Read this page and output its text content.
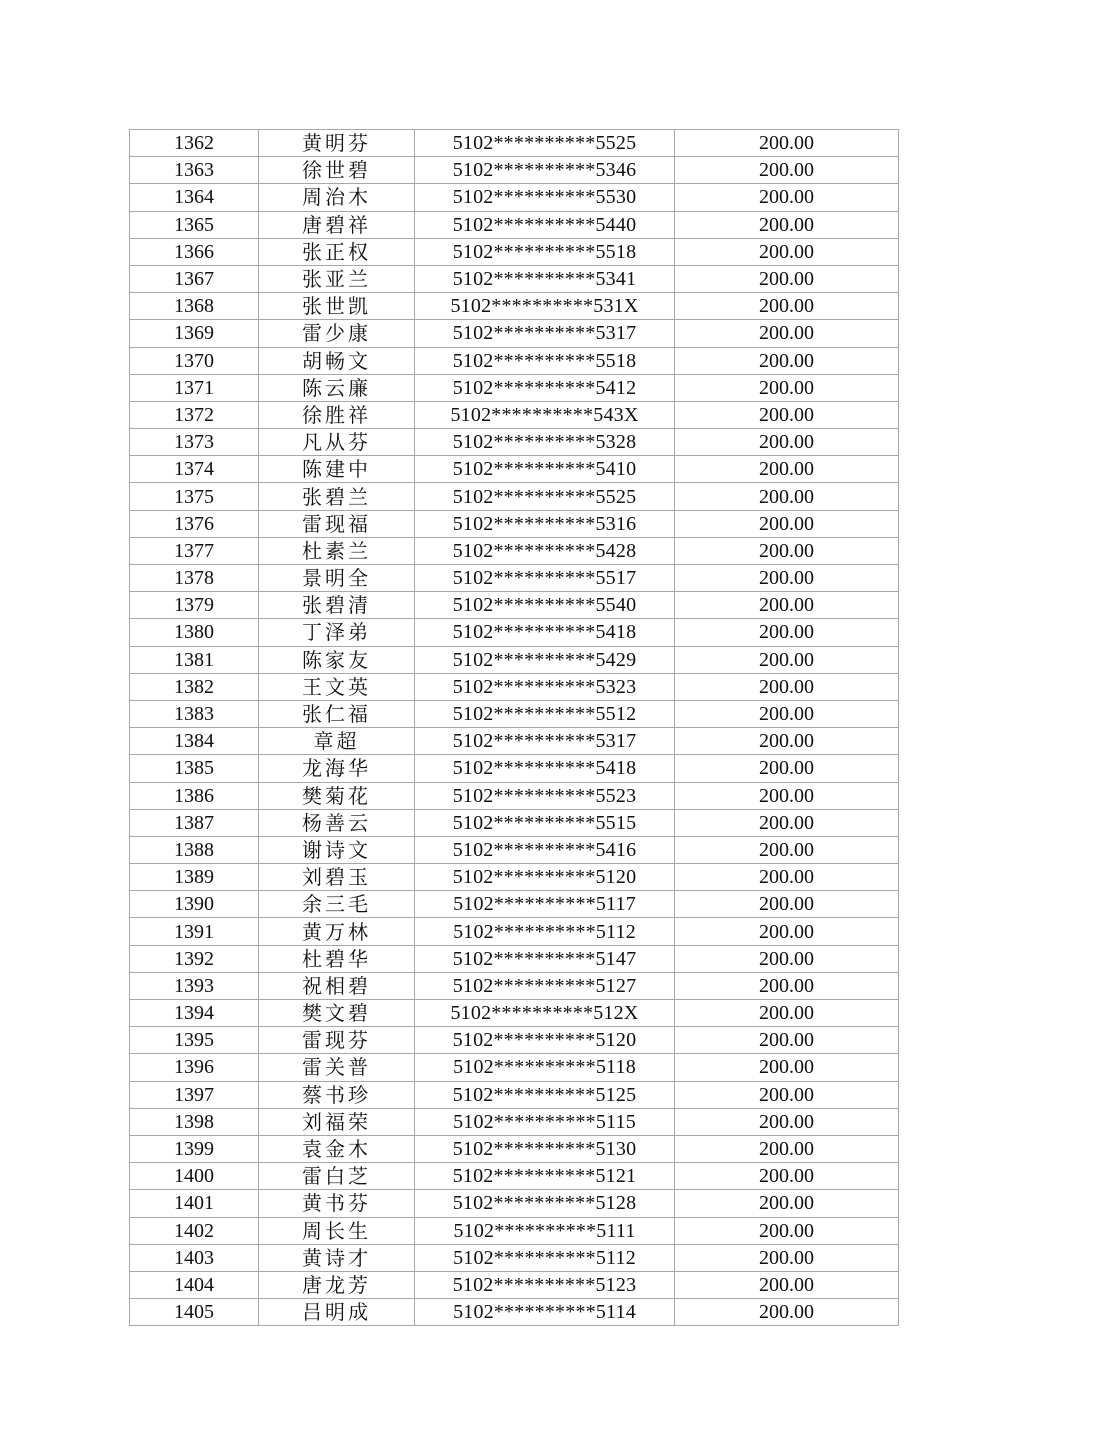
1362	黄明芬	5102**********5525	200.00
1363	徐世碧	5102**********5346	200.00
1364	周治木	5102**********5530	200.00
1365	唐碧祥	5102**********5440	200.00
1366	张正权	5102**********5518	200.00
1367	张亚兰	5102**********5341	200.00
1368	张世凯	5102**********531X	200.00
1369	雷少康	5102**********5317	200.00
1370	胡畅文	5102**********5518	200.00
1371	陈云廉	5102**********5412	200.00
1372	徐胜祥	5102**********543X	200.00
1373	凡从芬	5102**********5328	200.00
1374	陈建中	5102**********5410	200.00
1375	张碧兰	5102**********5525	200.00
1376	雷现福	5102**********5316	200.00
1377	杜素兰	5102**********5428	200.00
1378	景明全	5102**********5517	200.00
1379	张碧清	5102**********5540	200.00
1380	丁泽弟	5102**********5418	200.00
1381	陈家友	5102**********5429	200.00
1382	王文英	5102**********5323	200.00
1383	张仁福	5102**********5512	200.00
1384	章超	5102**********5317	200.00
1385	龙海华	5102**********5418	200.00
1386	樊菊花	5102**********5523	200.00
1387	杨善云	5102**********5515	200.00
1388	谢诗文	5102**********5416	200.00
1389	刘碧玉	5102**********5120	200.00
1390	余三毛	5102**********5117	200.00
1391	黄万林	5102**********5112	200.00
1392	杜碧华	5102**********5147	200.00
1393	祝相碧	5102**********5127	200.00
1394	樊文碧	5102**********512X	200.00
1395	雷现芬	5102**********5120	200.00
1396	雷关普	5102**********5118	200.00
1397	蔡书珍	5102**********5125	200.00
1398	刘福荣	5102**********5115	200.00
1399	袁金木	5102**********5130	200.00
1400	雷白芝	5102**********5121	200.00
1401	黄书芬	5102**********5128	200.00
1402	周长生	5102**********5111	200.00
1403	黄诗才	5102**********5112	200.00
1404	唐龙芳	5102**********5123	200.00
1405	吕明成	5102**********5114	200.00
